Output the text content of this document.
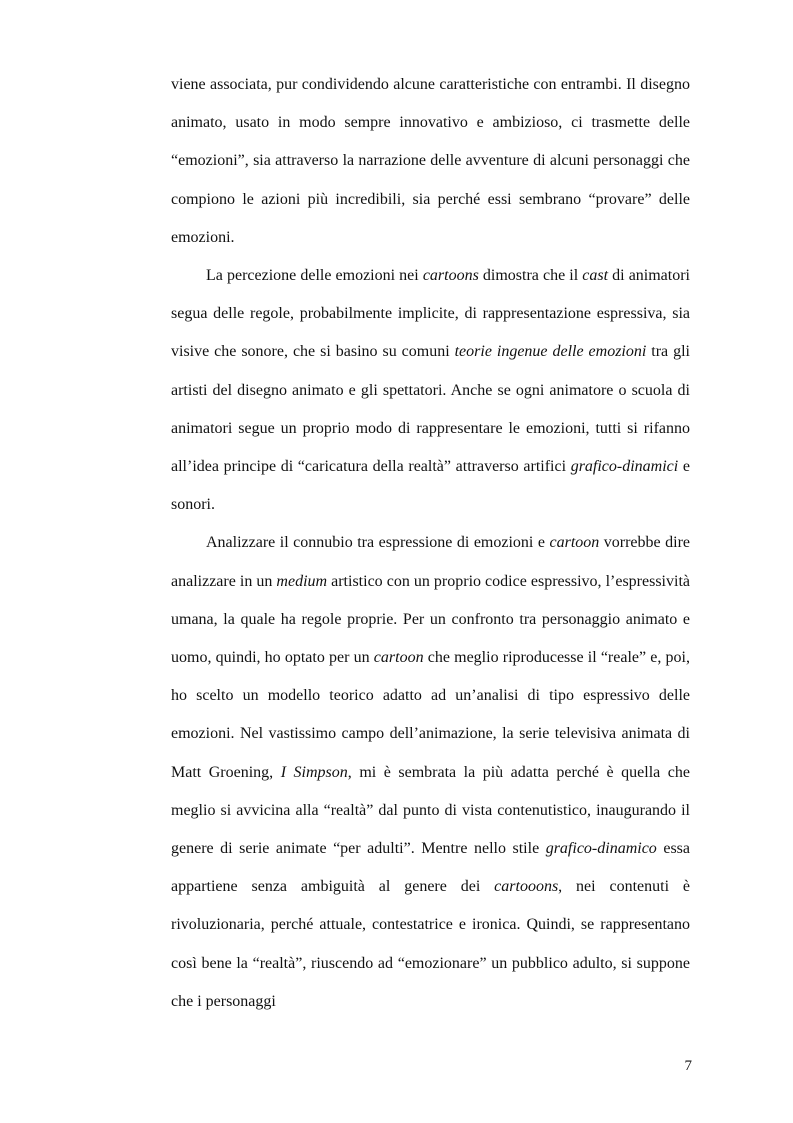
viene associata, pur condividendo alcune caratteristiche con entrambi. Il disegno animato, usato in modo sempre innovativo e ambizioso, ci trasmette delle “emozioni”, sia attraverso la narrazione delle avventure di alcuni personaggi che compiono le azioni più incredibili, sia perché essi sembrano “provare” delle emozioni.

La percezione delle emozioni nei cartoons dimostra che il cast di animatori segua delle regole, probabilmente implicite, di rappresentazione espressiva, sia visive che sonore, che si basino su comuni teorie ingenue delle emozioni tra gli artisti del disegno animato e gli spettatori. Anche se ogni animatore o scuola di animatori segue un proprio modo di rappresentare le emozioni, tutti si rifanno all’idea principe di “caricatura della realtà” attraverso artifici grafico-dinamici e sonori.

Analizzare il connubio tra espressione di emozioni e cartoon vorrebbe dire analizzare in un medium artistico con un proprio codice espressivo, l’espressività umana, la quale ha regole proprie. Per un confronto tra personaggio animato e uomo, quindi, ho optato per un cartoon che meglio riproducesse il “reale” e, poi, ho scelto un modello teorico adatto ad un’analisi di tipo espressivo delle emozioni. Nel vastissimo campo dell’animazione, la serie televisiva animata di Matt Groening, I Simpson, mi è sembrata la più adatta perché è quella che meglio si avvicina alla “realtà” dal punto di vista contenutistico, inaugurando il genere di serie animate “per adulti”. Mentre nello stile grafico-dinamico essa appartiene senza ambiguità al genere dei cartooons, nei contenuti è rivoluzionaria, perché attuale, contestatrice e ironica. Quindi, se rappresentano così bene la “realtà”, riuscendo ad “emozionare” un pubblico adulto, si suppone che i personaggi

7
